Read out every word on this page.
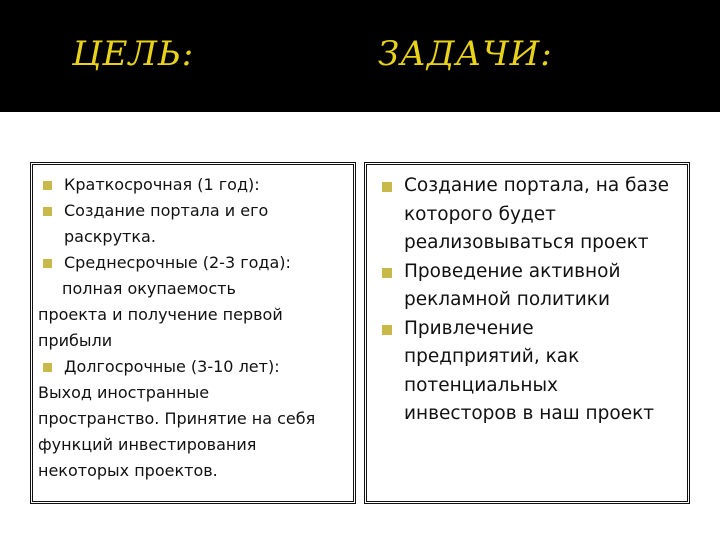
ЦЕЛЬ:	ЗАДАЧИ:
Краткосрочная (1 год):
Создание портала и его
раскрутка.
Среднесрочные (2-3 года):
полная окупаемость
проекта и получение первой
прибыли
Долгосрочные (3-10 лет):
Выход иностранные
пространство. Принятие на себя
функций инвестирования
некоторых проектов.
Создание портала, на базе
которого будет
реализовываться проект
Проведение активной
рекламной политики
Привлечение
предприятий, как
потенциальных
инвесторов в наш проект
